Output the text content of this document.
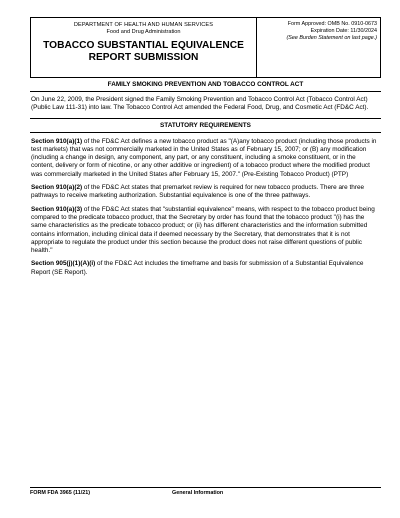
DEPARTMENT OF HEALTH AND HUMAN SERVICES
Food and Drug Administration
TOBACCO SUBSTANTIAL EQUIVALENCE
REPORT SUBMISSION
Form Approved: OMB No. 0910-0673
Expiration Date: 11/30/2024
(See Burden Statement on last page.)
FAMILY SMOKING PREVENTION AND TOBACCO CONTROL ACT

On June 22, 2009, the President signed the Family Smoking Prevention and Tobacco Control Act (Tobacco Control Act) (Public Law 111-31) into law. The Tobacco Control Act amended the Federal Food, Drug, and Cosmetic Act (FD&C Act).

STATUTORY REQUIREMENTS

Section 910(a)(1) of the FD&C Act defines a new tobacco product as "(A)any tobacco product (including those products in test markets) that was not commercially marketed in the United States as of February 15, 2007; or (B) any modification (including a change in design, any component, any part, or any constituent, including a smoke constituent, or in the content, delivery or form of nicotine, or any other additive or ingredient) of a tobacco product where the modified product was commercially marketed in the United States after February 15, 2007." (Pre-Existing Tobacco Product) (PTP)

Section 910(a)(2) of the FD&C Act states that premarket review is required for new tobacco products. There are three pathways to receive marketing authorization. Substantial equivalence is one of the three pathways.

Section 910(a)(3) of the FD&C Act states that "substantial equivalence" means, with respect to the tobacco product being compared to the predicate tobacco product, that the Secretary by order has found that the tobacco product "(i) has the same characteristics as the predicate tobacco product; or (ii) has different characteristics and the information submitted contains information, including clinical data if deemed necessary by the Secretary, that demonstrates that it is not appropriate to regulate the product under this section because the product does not raise different questions of public health."

Section 905(j)(1)(A)(i) of the FD&C Act includes the timeframe and basis for submission of a Substantial Equivalence Report (SE Report).

FORM FDA 3965 (11/21)	General Information
